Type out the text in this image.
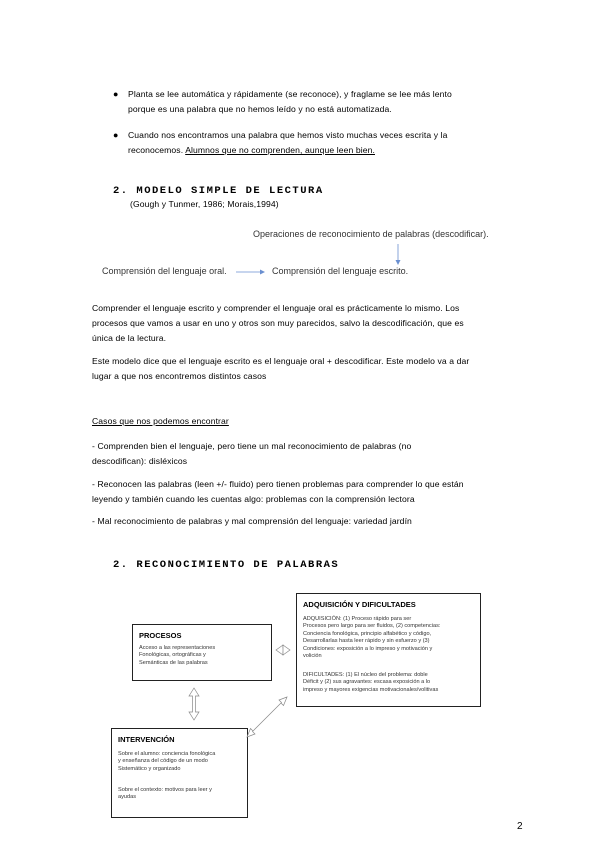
● Planta se lee automática y rápidamente (se reconoce), y fraglame se lee más lento
porque es una palabra que no hemos leído y no está automatizada.
● Cuando nos encontramos una palabra que hemos visto muchas veces escrita y la
reconocemos. Alumnos que no comprenden, aunque leen bien.
2. MODELO SIMPLE DE LECTURA
(Gough y Tunmer, 1986; Morais,1994)
Operaciones de reconocimiento de palabras (descodificar).
Comprensión del lenguaje oral.	Comprensión del lenguaje escrito.
Comprender el lenguaje escrito y comprender el lenguaje oral es prácticamente lo mismo. Los
procesos que vamos a usar en uno y otros son muy parecidos, salvo la descodificación, que es
única de la lectura.
Este modelo dice que el lenguaje escrito es el lenguaje oral + descodificar. Este modelo va a dar
lugar a que nos encontremos distintos casos
Casos que nos podemos encontrar
- Comprenden bien el lenguaje, pero tiene un mal reconocimiento de palabras (no
descodifican): disléxicos
- Reconocen las palabras (leen +/- fluido) pero tienen problemas para comprender lo que están
leyendo y también cuando les cuentas algo: problemas con la comprensión lectora
- Mal reconocimiento de palabras y mal comprensión del lenguaje: variedad jardín
2. RECONOCIMIENTO DE PALABRAS
PROCESOS
Acceso a las representaciones
Fonológicas, ortográficas y
Semánticas de las palabras
ADQUISICIÓN Y DIFICULTADES
ADQUISICIÓN: (1) Proceso rápido para ser
Procesos pero largo para ser fluidos, (2) competencias:
Conciencia fonológica, principio alfabético y código,
Desarrollarlas hasta leer rápido y sin esfuerzo y (3)
Condiciones: exposición a lo impreso y motivación y
volición
DIFICULTADES: (1) El núcleo del problema: doble
Déficit y (2) sus agravantes: escasa exposición a lo
impreso y mayores exigencias motivacionales/volitivas
INTERVENCIÓN
Sobre el alumno: conciencia fonológica
y enseñanza del código de un modo
Sistemático y organizado
Sobre el contexto: motivos para leer y
ayudas
2
